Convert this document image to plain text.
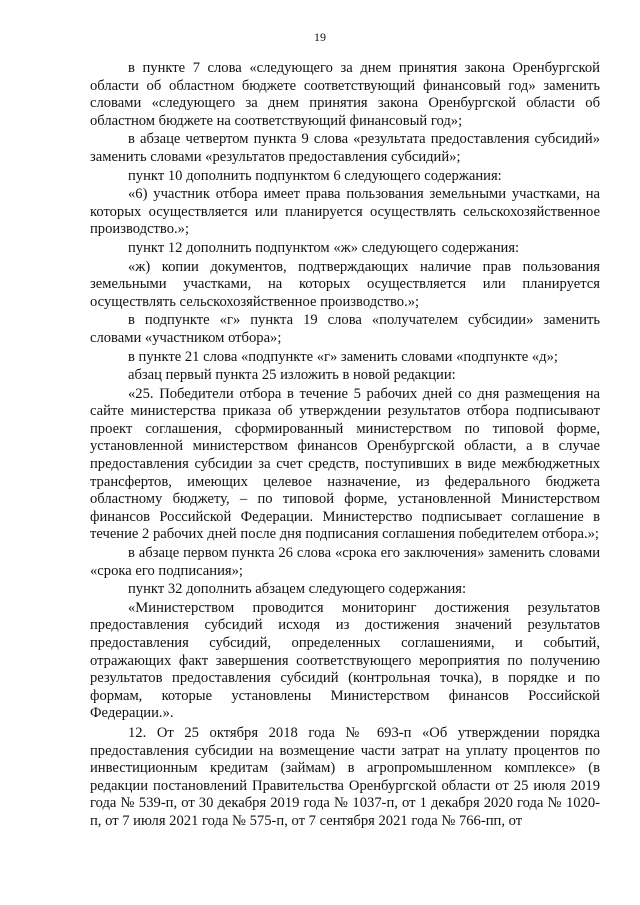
19

в пункте 7 слова «следующего за днем принятия закона Оренбургской области об областном бюджете соответствующий финансовый год» заменить словами «следующего за днем принятия закона Оренбургской области об областном бюджете на соответствующий финансовый год»;

в абзаце четвертом пункта 9 слова «результата предоставления субсидий» заменить словами «результатов предоставления субсидий»;

пункт 10 дополнить подпунктом 6 следующего содержания:

«6) участник отбора имеет права пользования земельными участками, на которых осуществляется или планируется осуществлять сельскохозяйственное производство.»;

пункт 12 дополнить подпунктом «ж» следующего содержания:

«ж) копии документов, подтверждающих наличие прав пользования земельными участками, на которых осуществляется или планируется осуществлять сельскохозяйственное производство.»;

в подпункте «г» пункта 19 слова «получателем субсидии» заменить словами «участником отбора»;

в пункте 21 слова «подпункте «г» заменить словами «подпункте «д»;

абзац первый пункта 25 изложить в новой редакции:

«25. Победители отбора в течение 5 рабочих дней со дня размещения на сайте министерства приказа об утверждении результатов отбора подписывают проект соглашения, сформированный министерством по типовой форме, установленной министерством финансов Оренбургской области, а в случае предоставления субсидии за счет средств, поступивших в виде межбюджетных трансфертов, имеющих целевое назначение, из федерального бюджета областному бюджету, – по типовой форме, установленной Министерством финансов Российской Федерации. Министерство подписывает соглашение в течение 2 рабочих дней после дня подписания соглашения победителем отбора.»;

в абзаце первом пункта 26 слова «срока его заключения» заменить словами «срока его подписания»;

пункт 32 дополнить абзацем следующего содержания:

«Министерством проводится мониторинг достижения результатов предоставления субсидий исходя из достижения значений результатов предоставления субсидий, определенных соглашениями, и событий, отражающих факт завершения соответствующего мероприятия по получению результатов предоставления субсидий (контрольная точка), в порядке и по формам, которые установлены Министерством финансов Российской Федерации.».

12. От 25 октября 2018 года № 693-п «Об утверждении порядка предоставления субсидии на возмещение части затрат на уплату процентов по инвестиционным кредитам (займам) в агропромышленном комплексе» (в редакции постановлений Правительства Оренбургской области от 25 июля 2019 года № 539-п, от 30 декабря 2019 года № 1037-п, от 1 декабря 2020 года № 1020-п, от 7 июля 2021 года № 575-п, от 7 сентября 2021 года № 766-пп, от
